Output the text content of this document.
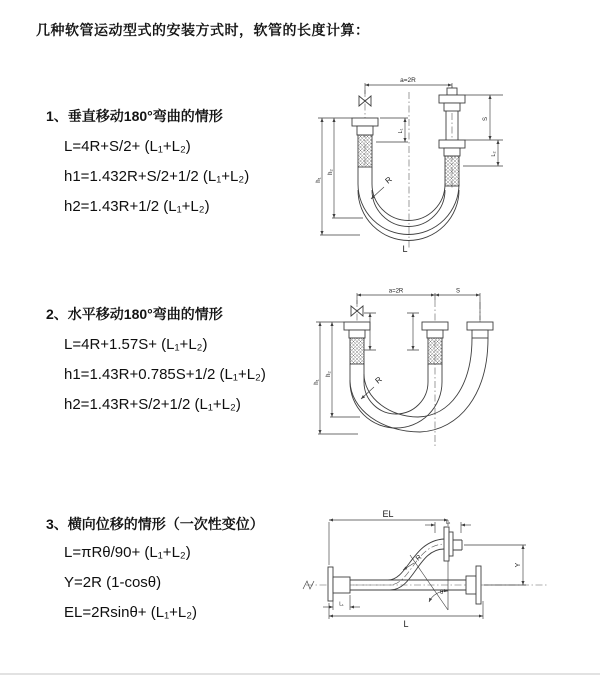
几种软管运动型式的安装方式时，软管的长度计算：
1、垂直移动180°弯曲的情形
L=4R+S/2+ (L₁+L₂)
h1=1.432R+S/2+1/2 (L₁+L₂)
h2=1.43R+1/2 (L₁+L₂)
2、水平移动180°弯曲的情形
L=4R+1.57S+ (L₁+L₂)
h1=1.43R+0.785S+1/2 (L₁+L₂)
h2=1.43R+S/2+1/2 (L₁+L₂)
3、横向位移的情形（一次性变位）
L=πRθ/90+ (L₁+L₂)
Y=2R (1-cosθ)
EL=2Rsinθ+ (L₁+L₂)
a=2R
h₁
h₂
L₁
S
L₂
R
L
a=2R	S
h₁
h₂
R
EL
L₂
θ
R
Y
L
L₁
